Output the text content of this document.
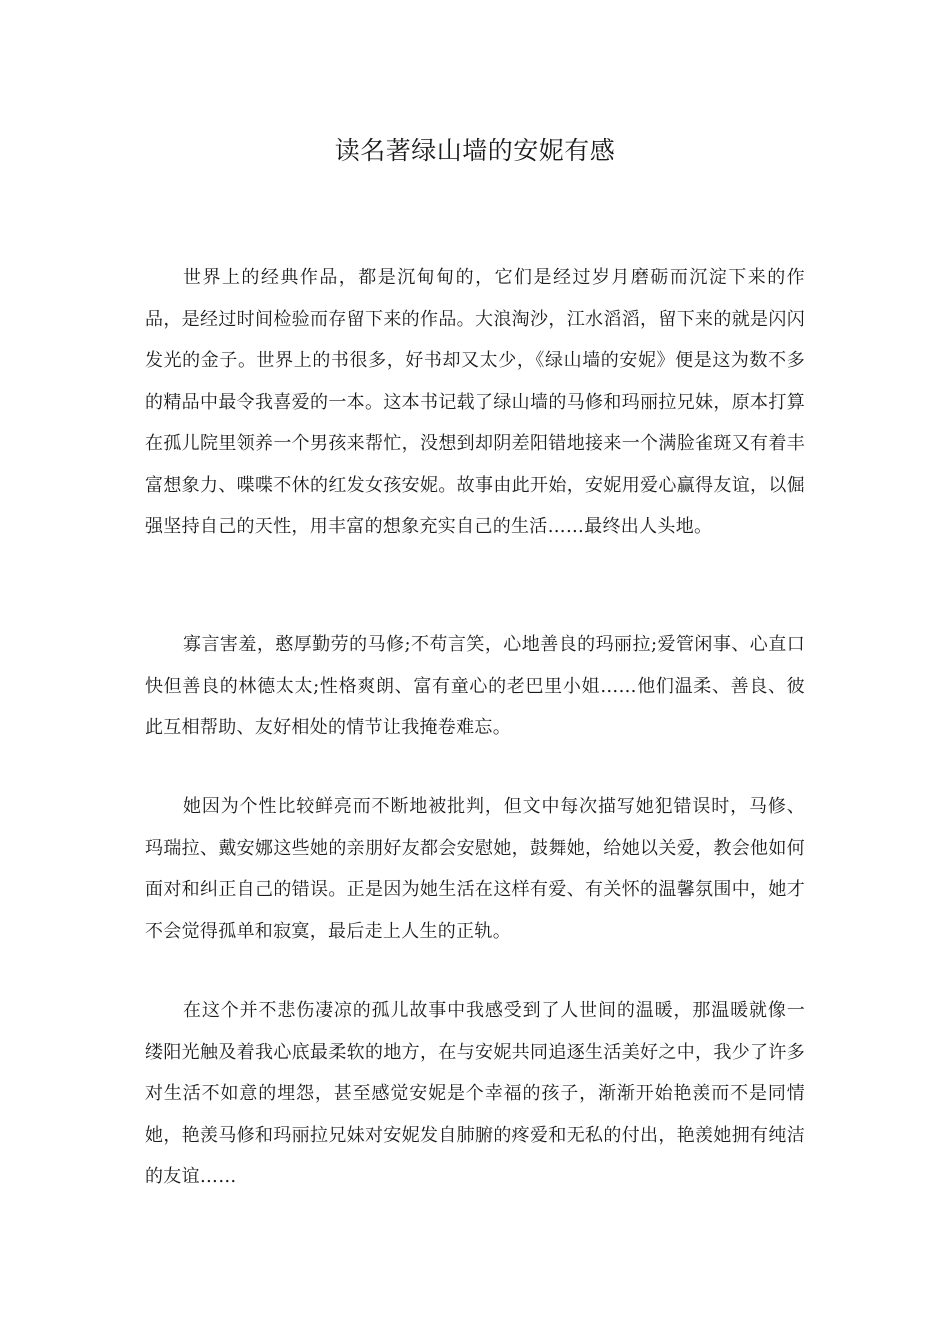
读名著绿山墙的安妮有感

世界上的经典作品，都是沉甸甸的，它们是经过岁月磨砺而沉淀下来的作品，是经过时间检验而存留下来的作品。大浪淘沙，江水滔滔，留下来的就是闪闪发光的金子。世界上的书很多，好书却又太少，《绿山墙的安妮》便是这为数不多的精品中最令我喜爱的一本。这本书记载了绿山墙的马修和玛丽拉兄妹，原本打算在孤儿院里领养一个男孩来帮忙，没想到却阴差阳错地接来一个满脸雀斑又有着丰富想象力、喋喋不休的红发女孩安妮。故事由此开始，安妮用爱心赢得友谊，以倔强坚持自己的天性，用丰富的想象充实自己的生活……最终出人头地。

寡言害羞，憨厚勤劳的马修;不苟言笑，心地善良的玛丽拉;爱管闲事、心直口快但善良的林德太太;性格爽朗、富有童心的老巴里小姐……他们温柔、善良、彼此互相帮助、友好相处的情节让我掩卷难忘。

她因为个性比较鲜亮而不断地被批判，但文中每次描写她犯错误时，马修、玛瑞拉、戴安娜这些她的亲朋好友都会安慰她，鼓舞她，给她以关爱，教会他如何面对和纠正自己的错误。正是因为她生活在这样有爱、有关怀的温馨氛围中，她才不会觉得孤单和寂寞，最后走上人生的正轨。

在这个并不悲伤凄凉的孤儿故事中我感受到了人世间的温暖，那温暖就像一缕阳光触及着我心底最柔软的地方，在与安妮共同追逐生活美好之中，我少了许多对生活不如意的埋怨，甚至感觉安妮是个幸福的孩子，渐渐开始艳羡而不是同情她，艳羡马修和玛丽拉兄妹对安妮发自肺腑的疼爱和无私的付出，艳羡她拥有纯洁的友谊……
